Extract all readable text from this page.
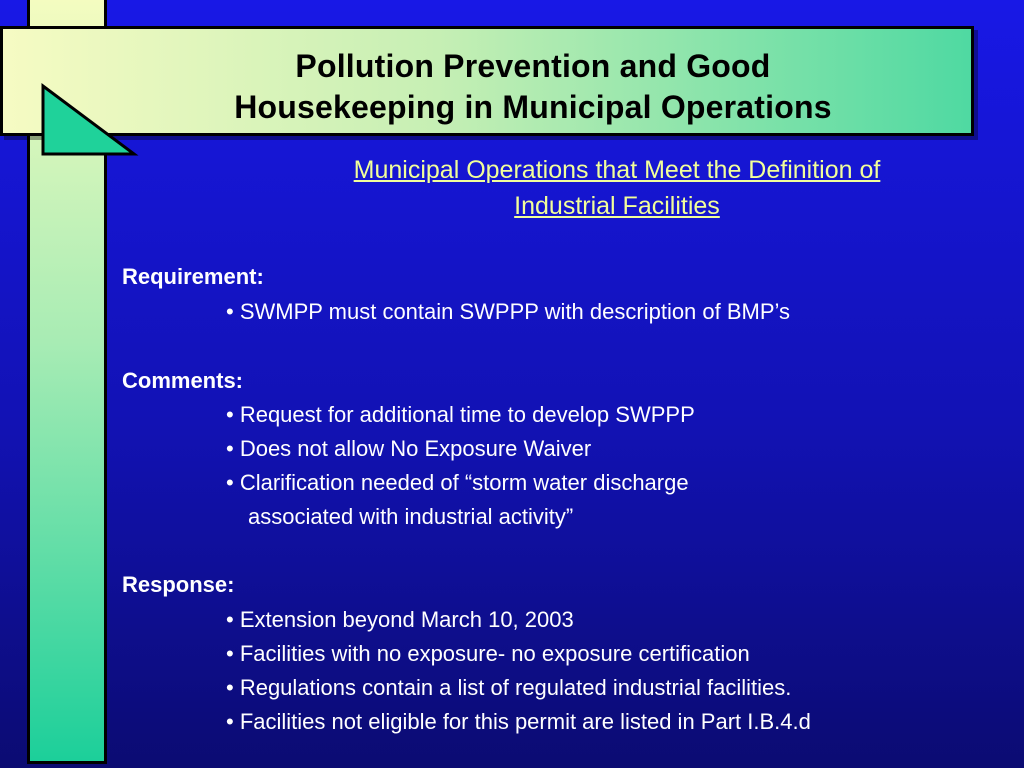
Pollution Prevention and Good
Housekeeping in Municipal Operations
Municipal Operations that Meet the Definition of
Industrial Facilities
Requirement:
• SWMPP must contain SWPPP with description of BMP’s
Comments:
• Request for additional time to develop SWPPP
• Does not allow No Exposure Waiver
• Clarification needed of “storm water discharge
associated with industrial activity”
Response:
• Extension beyond March 10, 2003
• Facilities with no exposure- no exposure certification
• Regulations contain a list of regulated industrial facilities.
• Facilities not eligible for this permit are listed in Part I.B.4.d
